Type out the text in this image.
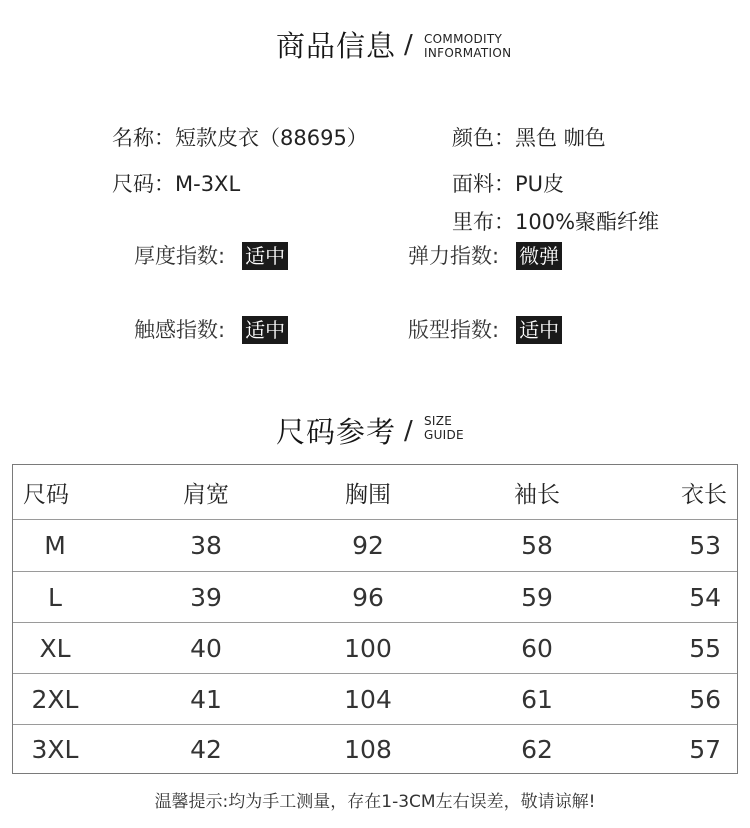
商品信息 / COMMODITY
INFORMATION
名称：短款皮衣（88695）	颜色：黑色 咖色
尺码：M-3XL	面料：PU皮
里布：100%聚酯纤维
厚度指数: 适中	弹力指数: 微弹
触感指数: 适中	版型指数: 适中
尺码参考 / SIZE
GUIDE
尺码	肩宽	胸围	袖长	衣长
M	38	92	58	53
L	39	96	59	54
XL	40	100	60	55
2XL	41	104	61	56
3XL	42	108	62	57
温馨提示:均为手工测量，存在1-3CM左右误差，敬请谅解!
